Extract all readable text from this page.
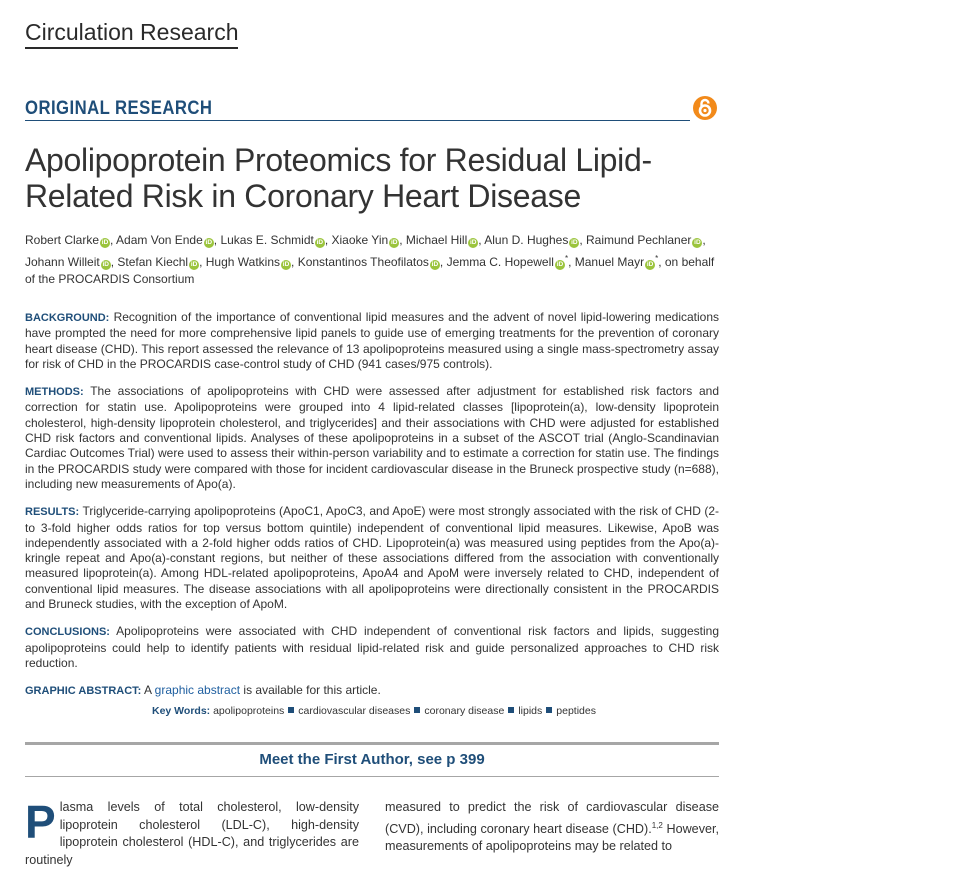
Circulation Research
ORIGINAL RESEARCH
Apolipoprotein Proteomics for Residual Lipid-Related Risk in Coronary Heart Disease
Robert Clarke iD , Adam Von Ende iD , Lukas E. Schmidt iD , Xiaoke Yin iD , Michael Hill iD , Alun D. Hughes iD , Raimund Pechlaner iD , Johann Willeit iD , Stefan Kiechl iD , Hugh Watkins iD , Konstantinos Theofilatos iD , Jemma C. Hopewell iD*, Manuel Mayr iD*, on behalf of the PROCARDIS Consortium

BACKGROUND: Recognition of the importance of conventional lipid measures and the advent of novel lipid-lowering medications have prompted the need for more comprehensive lipid panels to guide use of emerging treatments for the prevention of coronary heart disease (CHD). This report assessed the relevance of 13 apolipoproteins measured using a single mass-spectrometry assay for risk of CHD in the PROCARDIS case-control study of CHD (941 cases/975 controls).

METHODS: The associations of apolipoproteins with CHD were assessed after adjustment for established risk factors and correction for statin use. Apolipoproteins were grouped into 4 lipid-related classes [lipoprotein(a), low-density lipoprotein cholesterol, high-density lipoprotein cholesterol, and triglycerides] and their associations with CHD were adjusted for established CHD risk factors and conventional lipids. Analyses of these apolipoproteins in a subset of the ASCOT trial (Anglo-Scandinavian Cardiac Outcomes Trial) were used to assess their within-person variability and to estimate a correction for statin use. The findings in the PROCARDIS study were compared with those for incident cardiovascular disease in the Bruneck prospective study (n=688), including new measurements of Apo(a).

RESULTS: Triglyceride-carrying apolipoproteins (ApoC1, ApoC3, and ApoE) were most strongly associated with the risk of CHD (2- to 3-fold higher odds ratios for top versus bottom quintile) independent of conventional lipid measures. Likewise, ApoB was independently associated with a 2-fold higher odds ratios of CHD. Lipoprotein(a) was measured using peptides from the Apo(a)-kringle repeat and Apo(a)-constant regions, but neither of these associations differed from the association with conventionally measured lipoprotein(a). Among HDL-related apolipoproteins, ApoA4 and ApoM were inversely related to CHD, independent of conventional lipid measures. The disease associations with all apolipoproteins were directionally consistent in the PROCARDIS and Bruneck studies, with the exception of ApoM.

CONCLUSIONS: Apolipoproteins were associated with CHD independent of conventional risk factors and lipids, suggesting apolipoproteins could help to identify patients with residual lipid-related risk and guide personalized approaches to CHD risk reduction.

GRAPHIC ABSTRACT: A graphic abstract is available for this article.

Key Words: apolipoproteins cardiovascular diseases coronary disease lipids peptides
Meet the First Author, see p 399
Plasma levels of total cholesterol, low-density lipoprotein cholesterol (LDL-C), high-density lipoprotein cholesterol (HDL-C), and triglycerides are routinely
measured to predict the risk of cardiovascular disease (CVD), including coronary heart disease (CHD).$^{1,2}$ However, measurements of apolipoproteins may be related to
